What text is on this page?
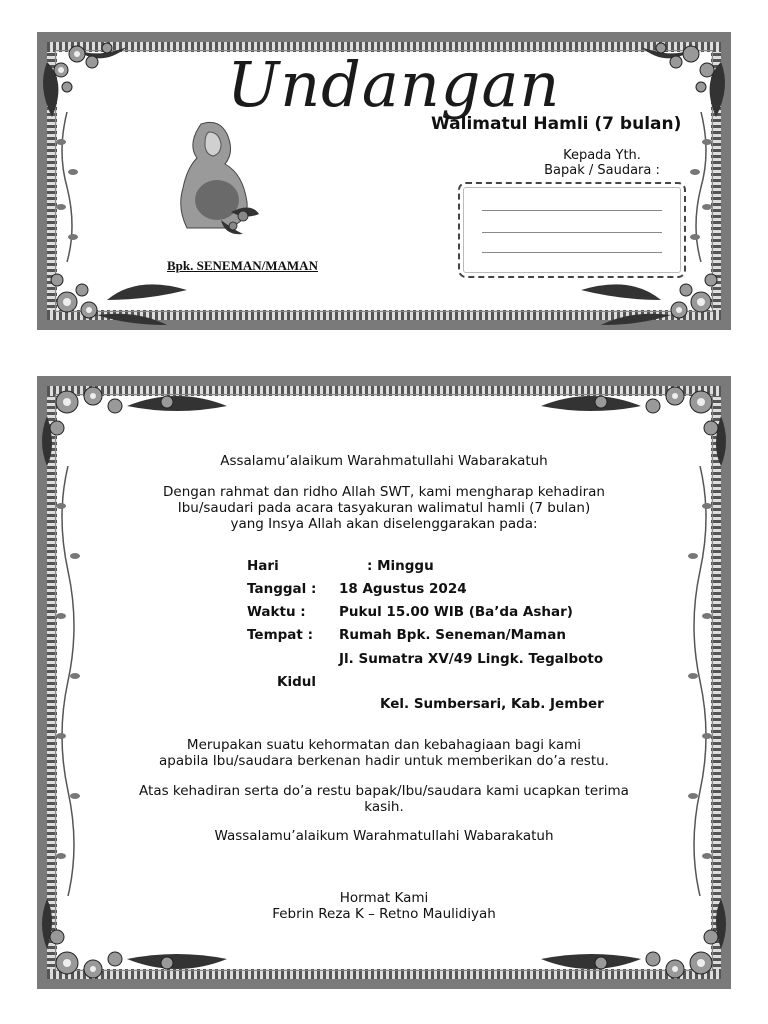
Undangan
Walimatul Hamli (7 bulan)
Kepada Yth.
Bapak / Saudara :
Bpk. SENEMAN/MAMAN
Assalamu’alaikum Warahmatullahi Wabarakatuh
Dengan rahmat dan ridho Allah SWT, kami mengharap kehadiran
Ibu/saudari pada acara tasyakuran walimatul hamli (7 bulan)
yang Insya Allah akan diselenggarakan pada:
Hari	: Minggu
Tanggal : 18 Agustus 2024
Waktu : Pukul 15.00 WIB (Ba’da Ashar)
Tempat : Rumah Bpk. Seneman/Maman
Jl. Sumatra XV/49 Lingk. Tegalboto
Kidul
Kel. Sumbersari, Kab. Jember
Merupakan suatu kehormatan dan kebahagiaan bagi kami
apabila Ibu/saudara berkenan hadir untuk memberikan do’a restu.
Atas kehadiran serta do’a restu bapak/Ibu/saudara kami ucapkan terima
kasih.
Wassalamu’alaikum Warahmatullahi Wabarakatuh
Hormat Kami
Febrin Reza K – Retno Maulidiyah
